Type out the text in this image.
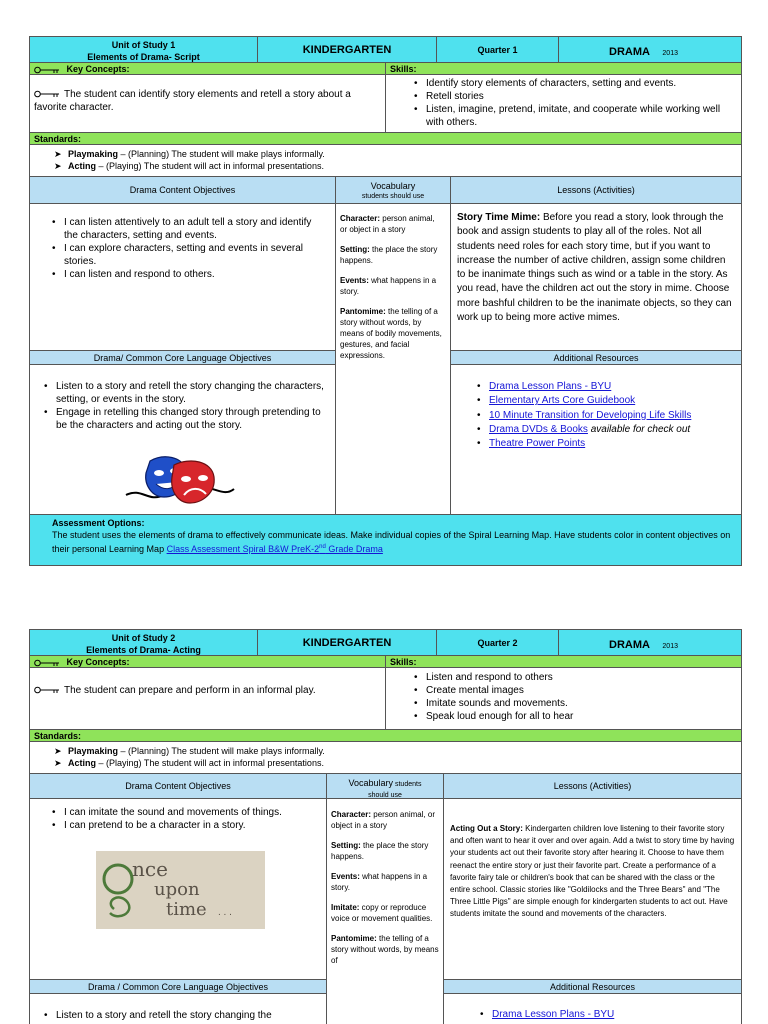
Unit of Study 1
Elements of Drama- Script
KINDERGARTEN	Quarter 1	DRAMA 2013
Key Concepts:	Skills:
The student can identify story elements and retell a story about a favorite character.
• Identify story elements of characters, setting and events.
• Retell stories
• Listen, imagine, pretend, imitate, and cooperate while working well with others.
Standards:
➤ Playmaking – (Planning) The student will make plays informally.
➤ Acting – (Playing) The student will act in informal presentations.
Drama Content Objectives	Vocabulary
students should use
Lessons (Activities)
• I can listen attentively to an adult tell a story and identify the characters, setting and events.
• I can explore characters, setting and events in several stories.
• I can listen and respond to others.

Character: person animal, or object in a story

Setting: the place the story happens.

Events: what happens in a story.

Pantomime: the telling of a story without words, by means of bodily movements, gestures, and facial expressions.

Story Time Mime: Before you read a story, look through the book and assign students to play all of the roles. Not all students need roles for each story time, but if you want to increase the number of active children, assign some children to be inanimate things such as wind or a table in the story. As you read, have the children act out the story in mime. Choose more bashful children to be the inanimate objects, so they can work up to being more active mimes.
Drama/ Common Core Language Objectives	Additional Resources
• Listen to a story and retell the story changing the characters, setting, or events in the story.
• Engage in retelling this changed story through pretending to be the characters and acting out the story.
• Drama Lesson Plans - BYU
• Elementary Arts Core Guidebook
• 10 Minute Transition for Developing Life Skills
• Drama DVDs & Books available for check out
• Theatre Power Points
Assessment Options:
The student uses the elements of drama to effectively communicate ideas. Make individual copies of the Spiral Learning Map. Have students color in content objectives on their personal Learning Map Class Assessment Spiral B&W PreK-2nd Grade Drama
Unit of Study 2
Elements of Drama- Acting
KINDERGARTEN	Quarter 2	DRAMA 2013
Key Concepts:	Skills:
The student can prepare and perform in an informal play.
• Listen and respond to others
• Create mental images
• Imitate sounds and movements.
• Speak loud enough for all to hear
Standards:
➤ Playmaking – (Planning) The student will make plays informally.
➤ Acting – (Playing) The student will act in informal presentations.
Drama Content Objectives	Vocabulary students
should use
Lessons (Activities)
• I can imitate the sound and movements of things.
• I can pretend to be a character in a story.
nce
upon
time . . .

Character: person animal, or object in a story

Setting: the place the story happens.

Events: what happens in a story.

Imitate: copy or reproduce voice or movement qualities.

Pantomime: the telling of a story without words, by means of

Acting Out a Story: Kindergarten children love listening to their favorite story and often want to hear it over and over again. Add a twist to story time by having your students act out their favorite story after hearing it. Choose to have them reenact the entire story or just their favorite part. Create a performance of a favorite fairy tale or children's book that can be shared with the class or the entire school. Classic stories like "Goldilocks and the Three Bears" and "The Three Little Pigs" are simple enough for kindergarten students to act out. Have students imitate the sound and movements of the characters.
Drama / Common Core Language Objectives	Additional Resources
• Listen to a story and retell the story changing the
•	Drama Lesson Plans - BYU
